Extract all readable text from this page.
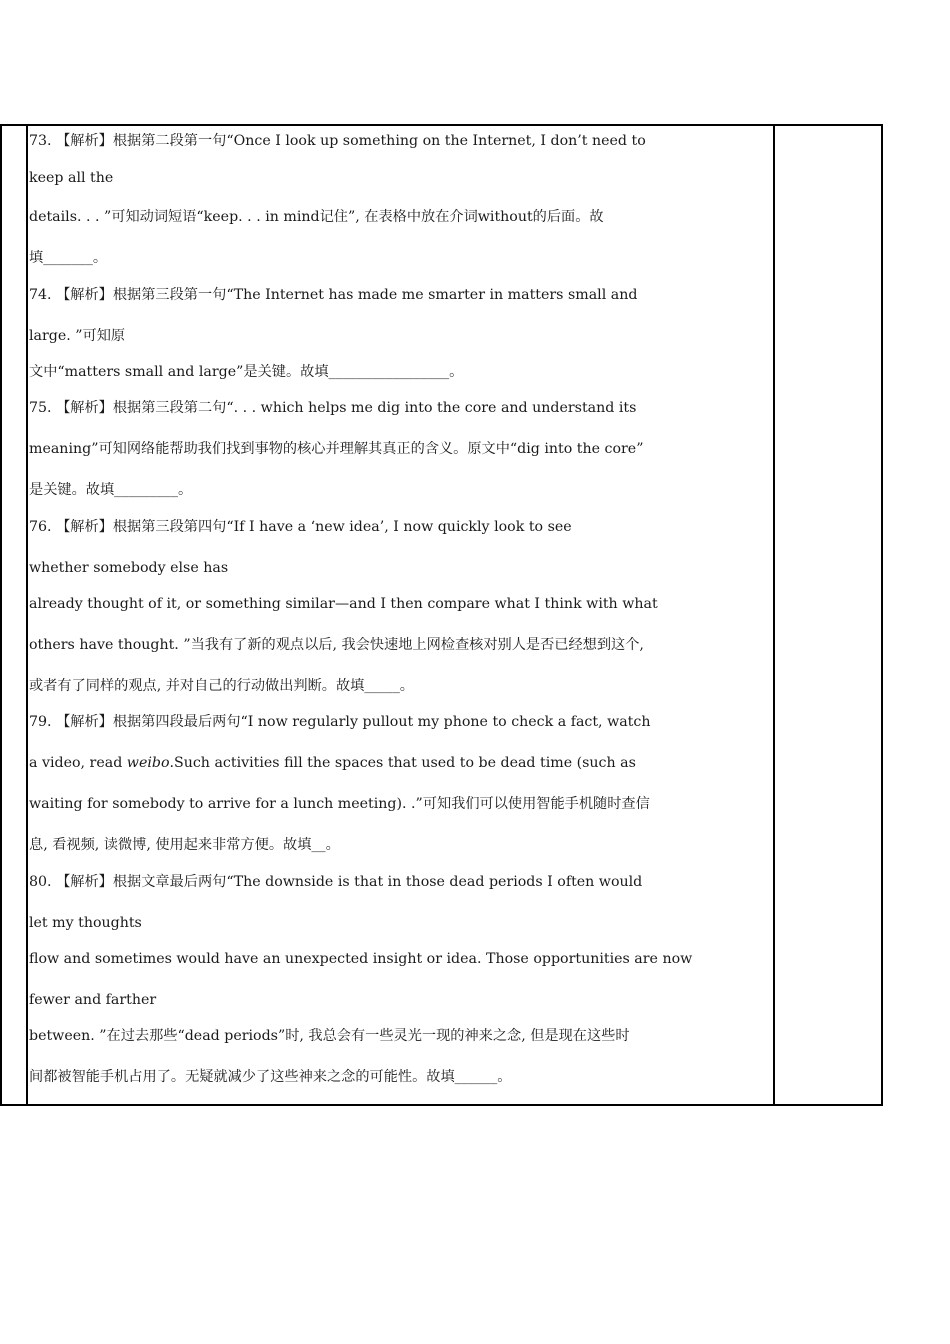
73. 【解析】根据第二段第一句“Once I look up something on the Internet, I don’t need to
keep all the
details. . . ”可知动词短语“keep. . . in mind记住”, 在表格中放在介词without的后面。故
填_______。
74. 【解析】根据第三段第一句“The Internet has made me smarter in matters small and
large. ”可知原
文中“matters small and large”是关键。故填_________________。
75. 【解析】根据第三段第二句“. . . which helps me dig into the core and understand its
meaning”可知网络能帮助我们找到事物的核心并理解其真正的含义。原文中“dig into the core”
是关键。故填_________。
76. 【解析】根据第三段第四句“If I have a ‘new idea’, I now quickly look to see
whether somebody else has
already thought of it, or something similar—and I then compare what I think with what
others have thought. ”当我有了新的观点以后, 我会快速地上网检查核对别人是否已经想到这个,
或者有了同样的观点, 并对自己的行动做出判断。故填_____。
79. 【解析】根据第四段最后两句“I now regularly pullout my phone to check a fact, watch
a video, read weibo.Such activities fill the spaces that used to be dead time (such as
waiting for somebody to arrive for a lunch meeting). .”可知我们可以使用智能手机随时查信
息, 看视频, 读微博, 使用起来非常方便。故填__。
80. 【解析】根据文章最后两句“The downside is that in those dead periods I often would
let my thoughts
flow and sometimes would have an unexpected insight or idea. Those opportunities are now
fewer and farther
between. ”在过去那些“dead periods”时, 我总会有一些灵光一现的神来之念, 但是现在这些时
间都被智能手机占用了。无疑就减少了这些神来之念的可能性。故填______。
